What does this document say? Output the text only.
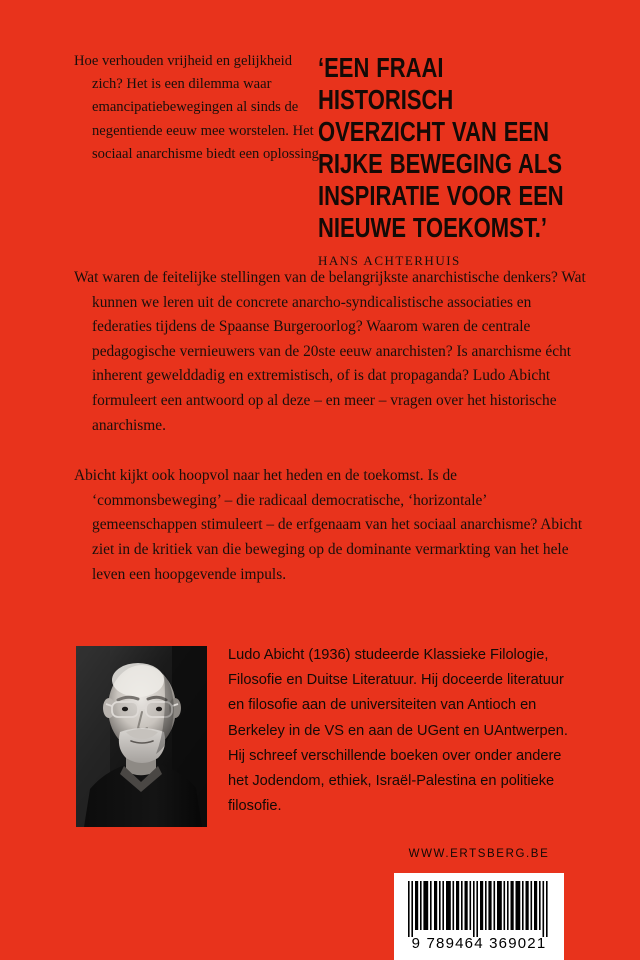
Hoe verhouden vrijheid en gelijkheid zich? Het is een dilemma waar emancipatiebewegingen al sinds de negentiende eeuw mee worstelen. Het sociaal anarchisme biedt een oplossing.
‘EEN FRAAI HISTORISCH OVERZICHT VAN EEN RIJKE BEWEGING ALS INSPIRATIE VOOR EEN NIEUWE TOEKOMST.’
HANS ACHTERHUIS

Wat waren de feitelijke stellingen van de belangrijkste anarchistische denkers? Wat kunnen we leren uit de concrete anarcho-syndicalistische associaties en federaties tijdens de Spaanse Burgeroorlog? Waarom waren de centrale pedagogische vernieuwers van de 20ste eeuw anarchisten? Is anarchisme écht inherent gewelddadig en extremistisch, of is dat propaganda? Ludo Abicht formuleert een antwoord op al deze – en meer – vragen over het historische anarchisme.

Abicht kijkt ook hoopvol naar het heden en de toekomst. Is de ‘commonsbeweging’ – die radicaal democratische, ‘horizontale’ gemeenschappen stimuleert – de erfgenaam van het sociaal anarchisme? Abicht ziet in de kritiek van die beweging op de dominante vermarkting van het hele leven een hoopgevende impuls.

Ludo Abicht (1936) studeerde Klassieke Filologie, Filosofie en Duitse Literatuur. Hij doceerde literatuur en filosofie aan de universiteiten van Antioch en Berkeley in de VS en aan de UGent en UAntwerpen. Hij schreef verschillende boeken over onder andere het Jodendom, ethiek, Israël-Palestina en politieke filosofie.
WWW.ERTSBERG.BE
9 789464 369021
